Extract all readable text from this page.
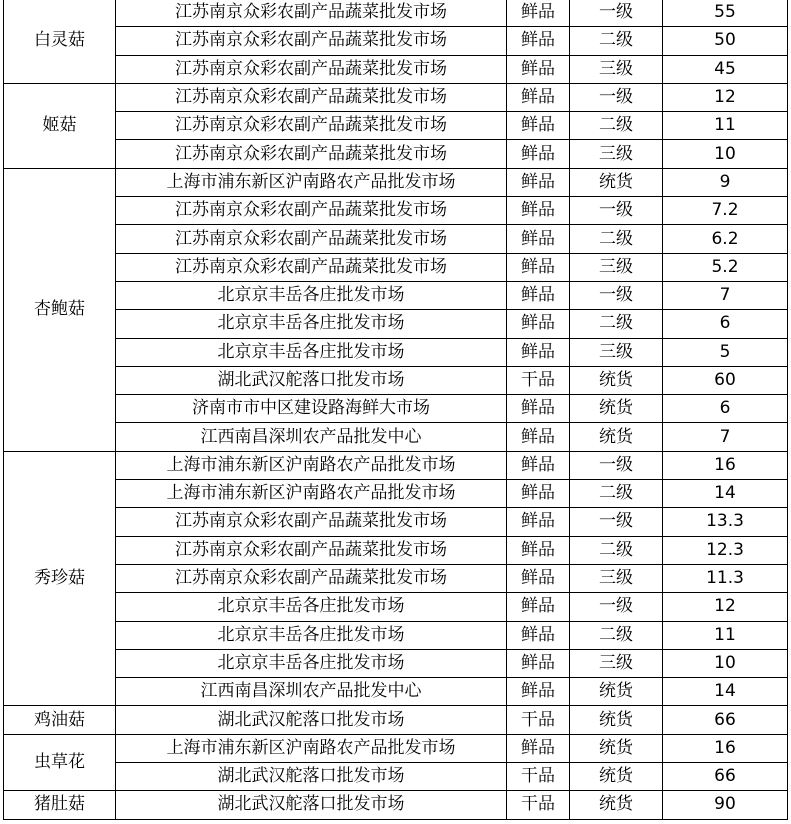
白灵菇	江苏南京众彩农副产品蔬菜批发市场	鲜品	一级	55
	江苏南京众彩农副产品蔬菜批发市场	鲜品	二级	50
	江苏南京众彩农副产品蔬菜批发市场	鲜品	三级	45
姬菇	江苏南京众彩农副产品蔬菜批发市场	鲜品	一级	12
	江苏南京众彩农副产品蔬菜批发市场	鲜品	二级	11
	江苏南京众彩农副产品蔬菜批发市场	鲜品	三级	10
杏鲍菇	上海市浦东新区沪南路农产品批发市场	鲜品	统货	9
	江苏南京众彩农副产品蔬菜批发市场	鲜品	一级	7.2
	江苏南京众彩农副产品蔬菜批发市场	鲜品	二级	6.2
	江苏南京众彩农副产品蔬菜批发市场	鲜品	三级	5.2
	北京京丰岳各庄批发市场	鲜品	一级	7
	北京京丰岳各庄批发市场	鲜品	二级	6
	北京京丰岳各庄批发市场	鲜品	三级	5
	湖北武汉舵落口批发市场	干品	统货	60
	济南市市中区建设路海鲜大市场	鲜品	统货	6
	江西南昌深圳农产品批发中心	鲜品	统货	7
秀珍菇	上海市浦东新区沪南路农产品批发市场	鲜品	一级	16
	上海市浦东新区沪南路农产品批发市场	鲜品	二级	14
	江苏南京众彩农副产品蔬菜批发市场	鲜品	一级	13.3
	江苏南京众彩农副产品蔬菜批发市场	鲜品	二级	12.3
	江苏南京众彩农副产品蔬菜批发市场	鲜品	三级	11.3
	北京京丰岳各庄批发市场	鲜品	一级	12
	北京京丰岳各庄批发市场	鲜品	二级	11
	北京京丰岳各庄批发市场	鲜品	三级	10
	江西南昌深圳农产品批发中心	鲜品	统货	14
鸡油菇	湖北武汉舵落口批发市场	干品	统货	66
虫草花	上海市浦东新区沪南路农产品批发市场	鲜品	统货	16
	湖北武汉舵落口批发市场	干品	统货	66
猪肚菇	湖北武汉舵落口批发市场	干品	统货	90
